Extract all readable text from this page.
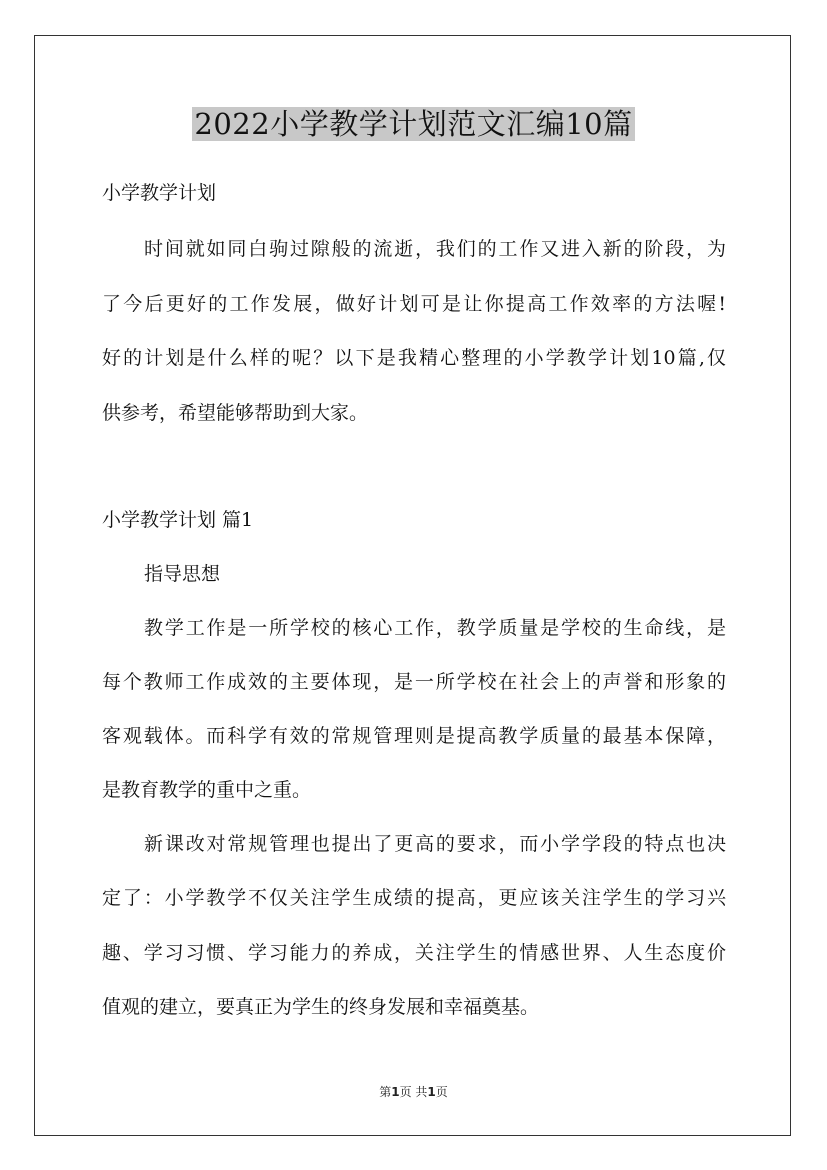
2022小学教学计划范文汇编10篇
小学教学计划
时间就如同白驹过隙般的流逝，我们的工作又进入新的阶段，为
了今后更好的工作发展，做好计划可是让你提高工作效率的方法喔!
好的计划是什么样的呢？以下是我精心整理的小学教学计划10篇,仅
供参考，希望能够帮助到大家。
小学教学计划 篇1
指导思想
教学工作是一所学校的核心工作，教学质量是学校的生命线，是
每个教师工作成效的主要体现，是一所学校在社会上的声誉和形象的
客观载体。而科学有效的常规管理则是提高教学质量的最基本保障，
是教育教学的重中之重。
新课改对常规管理也提出了更高的要求，而小学学段的特点也决
定了：小学教学不仅关注学生成绩的提高，更应该关注学生的学习兴
趣、学习习惯、学习能力的养成，关注学生的情感世界、人生态度价
值观的建立，要真正为学生的终身发展和幸福奠基。
第1页 共1页
